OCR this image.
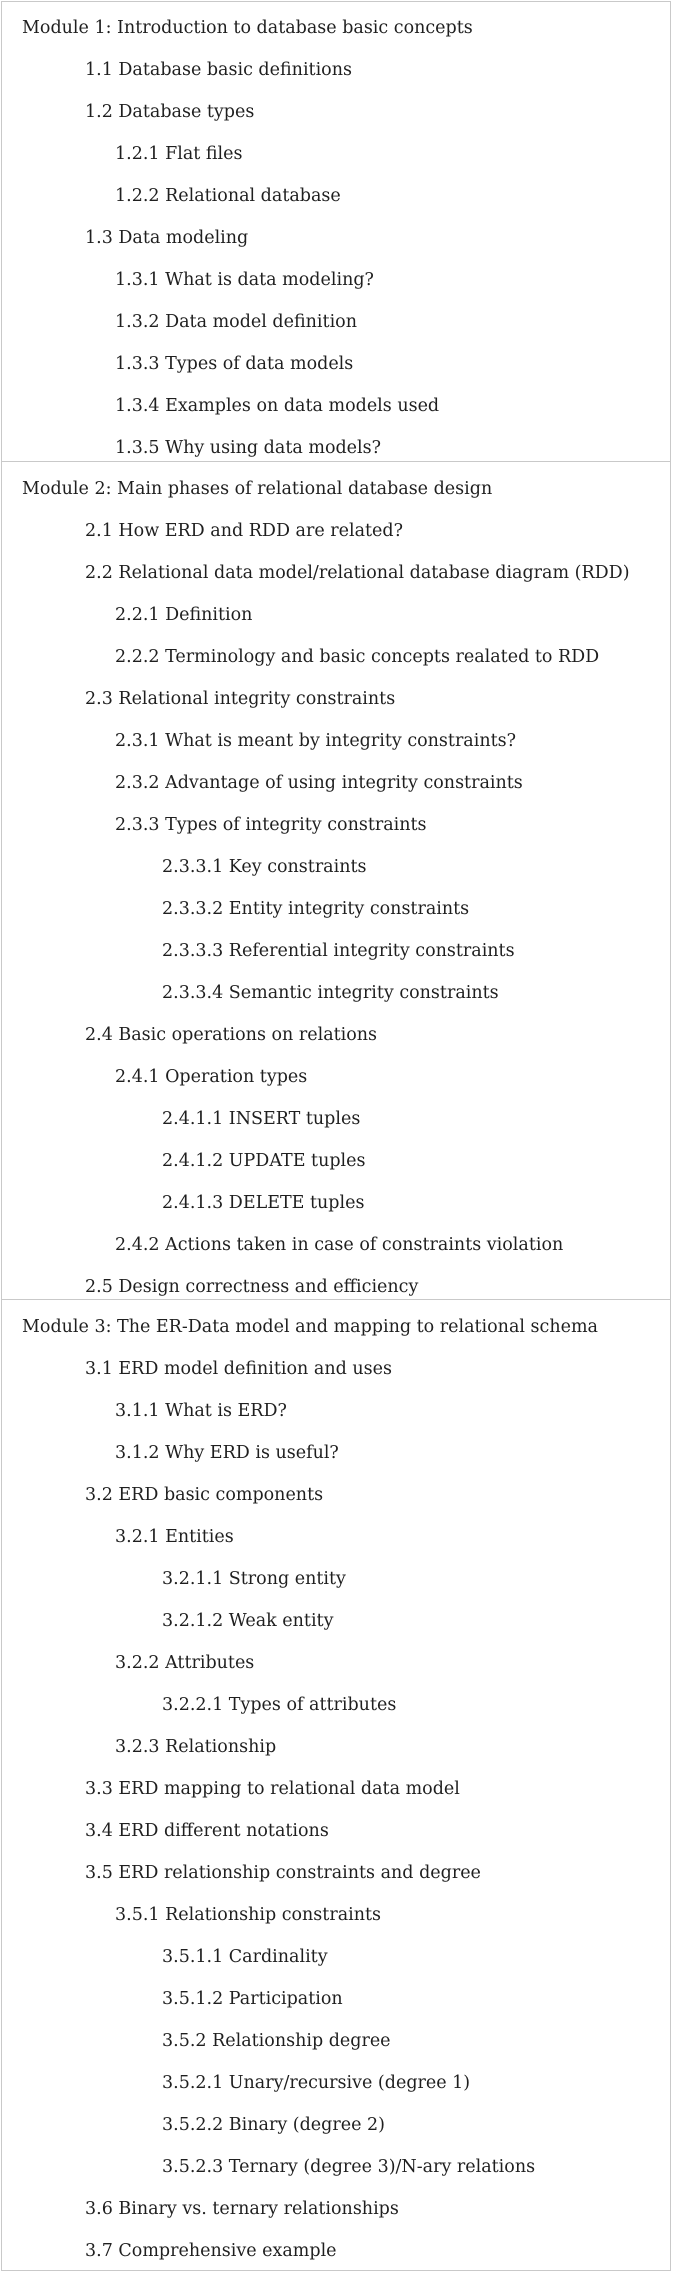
Module 1: Introduction to database basic concepts
1.1 Database basic definitions
1.2 Database types
1.2.1 Flat files
1.2.2 Relational database
1.3 Data modeling
1.3.1 What is data modeling?
1.3.2 Data model definition
1.3.3 Types of data models
1.3.4 Examples on data models used
1.3.5 Why using data models?
Module 2: Main phases of relational database design
2.1 How ERD and RDD are related?
2.2 Relational data model/relational database diagram (RDD)
2.2.1 Definition
2.2.2 Terminology and basic concepts realated to RDD
2.3 Relational integrity constraints
2.3.1 What is meant by integrity constraints?
2.3.2 Advantage of using integrity constraints
2.3.3 Types of integrity constraints
2.3.3.1 Key constraints
2.3.3.2 Entity integrity constraints
2.3.3.3 Referential integrity constraints
2.3.3.4 Semantic integrity constraints
2.4 Basic operations on relations
2.4.1 Operation types
2.4.1.1 INSERT tuples
2.4.1.2 UPDATE tuples
2.4.1.3 DELETE tuples
2.4.2 Actions taken in case of constraints violation
2.5 Design correctness and efficiency
Module 3: The ER-Data model and mapping to relational schema
3.1 ERD model definition and uses
3.1.1 What is ERD?
3.1.2 Why ERD is useful?
3.2 ERD basic components
3.2.1 Entities
3.2.1.1 Strong entity
3.2.1.2 Weak entity
3.2.2 Attributes
3.2.2.1 Types of attributes
3.2.3 Relationship
3.3 ERD mapping to relational data model
3.4 ERD different notations
3.5 ERD relationship constraints and degree
3.5.1 Relationship constraints
3.5.1.1 Cardinality
3.5.1.2 Participation
3.5.2 Relationship degree
3.5.2.1 Unary/recursive (degree 1)
3.5.2.2 Binary (degree 2)
3.5.2.3 Ternary (degree 3)/N-ary relations
3.6 Binary vs. ternary relationships
3.7 Comprehensive example
